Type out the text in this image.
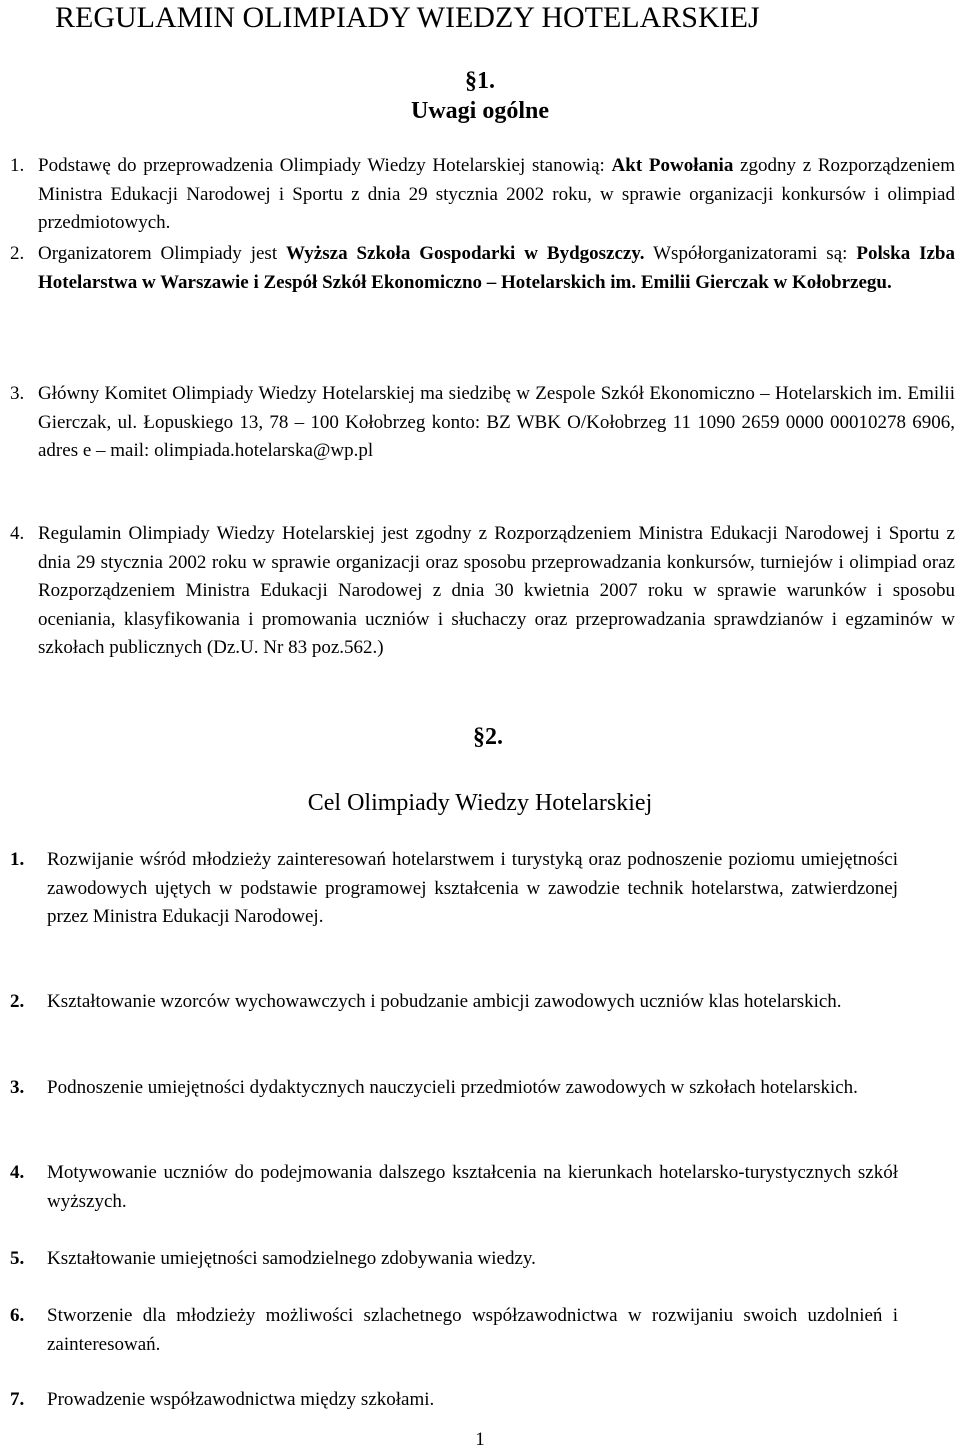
REGULAMIN OLIMPIADY WIEDZY HOTELARSKIEJ
§1.
Uwagi ogólne
1. Podstawę do przeprowadzenia Olimpiady Wiedzy Hotelarskiej stanowią: Akt Powołania zgodny z Rozporządzeniem Ministra Edukacji Narodowej i Sportu z dnia 29 stycznia 2002 roku, w sprawie organizacji konkursów i olimpiad przedmiotowych.
2. Organizatorem Olimpiady jest Wyższa Szkoła Gospodarki w Bydgoszczy. Współorganizatorami są: Polska Izba Hotelarstwa w Warszawie i Zespół Szkół Ekonomiczno – Hotelarskich im. Emilii Gierczak w Kołobrzegu.
3. Główny Komitet Olimpiady Wiedzy Hotelarskiej ma siedzibę w Zespole Szkół Ekonomiczno – Hotelarskich im. Emilii Gierczak, ul. Łopuskiego 13, 78 – 100 Kołobrzeg konto: BZ WBK O/Kołobrzeg 11 1090 2659 0000 00010278 6906, adres e – mail: olimpiada.hotelarska@wp.pl
4. Regulamin Olimpiady Wiedzy Hotelarskiej jest zgodny z Rozporządzeniem Ministra Edukacji Narodowej i Sportu z dnia 29 stycznia 2002 roku w sprawie organizacji oraz sposobu przeprowadzania konkursów, turniejów i olimpiad oraz Rozporządzeniem Ministra Edukacji Narodowej z dnia 30 kwietnia 2007 roku w sprawie warunków i sposobu oceniania, klasyfikowania i promowania uczniów i słuchaczy oraz przeprowadzania sprawdzianów i egzaminów w szkołach publicznych (Dz.U. Nr 83 poz.562.)
§2.
Cel Olimpiady Wiedzy Hotelarskiej
1. Rozwijanie wśród młodzieży zainteresowań hotelarstwem i turystyką oraz podnoszenie poziomu umiejętności zawodowych ujętych w podstawie programowej kształcenia w zawodzie technik hotelarstwa, zatwierdzonej przez Ministra Edukacji Narodowej.
2. Kształtowanie wzorców wychowawczych i pobudzanie ambicji zawodowych uczniów klas hotelarskich.
3. Podnoszenie umiejętności dydaktycznych nauczycieli przedmiotów zawodowych w szkołach hotelarskich.
4. Motywowanie uczniów do podejmowania dalszego kształcenia na kierunkach hotelarsko-turystycznych szkół wyższych.
5. Kształtowanie umiejętności samodzielnego zdobywania wiedzy.
6. Stworzenie dla młodzieży możliwości szlachetnego współzawodnictwa w rozwijaniu swoich uzdolnień i zainteresowań.
7. Prowadzenie współzawodnictwa między szkołami.
1
